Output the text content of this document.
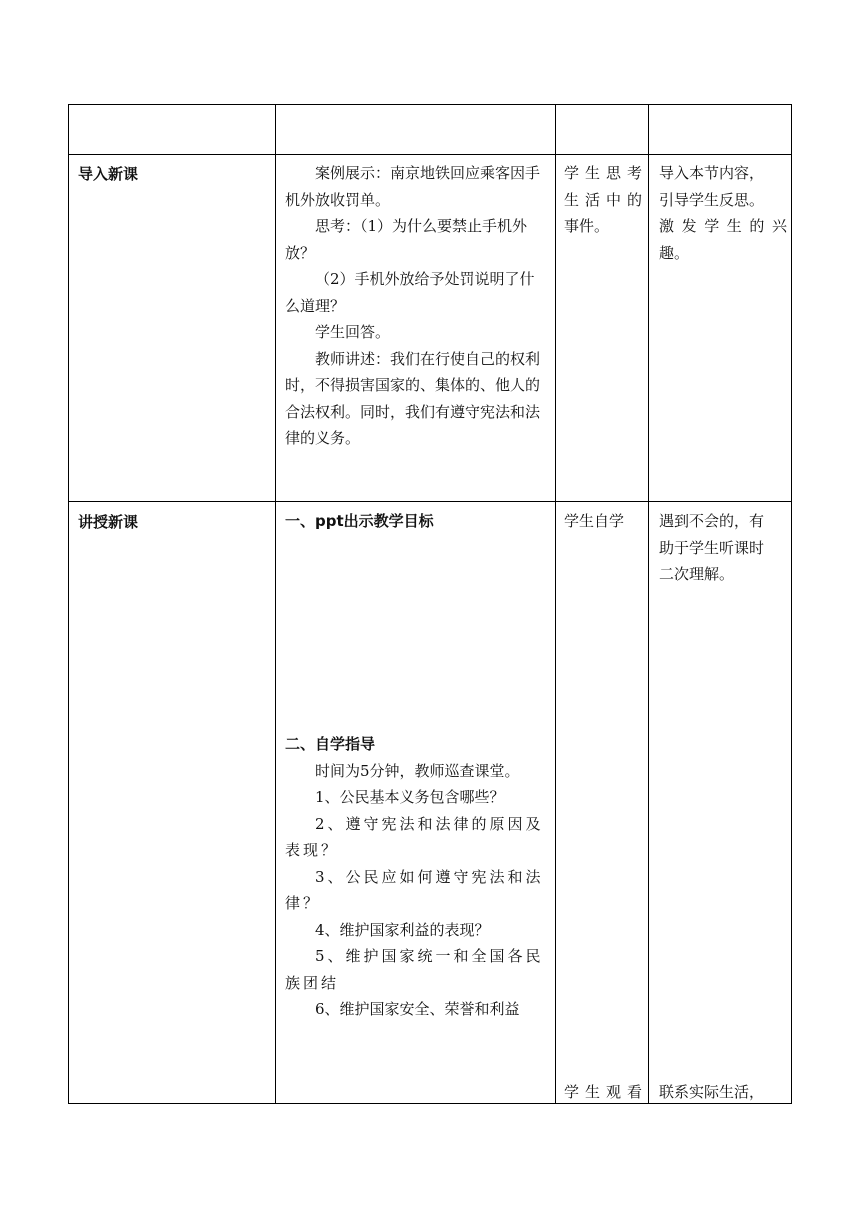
导入新课	案例展示：南京地铁回应乘客因手机外放收罚单。

思考：（1）为什么要禁止手机外放？

（2）手机外放给予处罚说明了什么道理？

学生回答。

教师讲述：我们在行使自己的权利时，不得损害国家的、集体的、他人的合法权利。同时，我们有遵守宪法和法律的义务。

学生思考
生活中的
事件。
导入本节内容，
引导学生反思。
激发学生的兴
趣。
讲授新课	一、ppt出示教学目标
二、自学指导

时间为5分钟，教师巡查课堂。

1、公民基本义务包含哪些？

2、遵守宪法和法律的原因及表现？

3、公民应如何遵守宪法和法律？

4、维护国家利益的表现？

5、维护国家统一和全国各民族团结

6、维护国家安全、荣誉和利益

学生自学
学生观看
遇到不会的，有
助于学生听课时
二次理解。
联系实际生活，
